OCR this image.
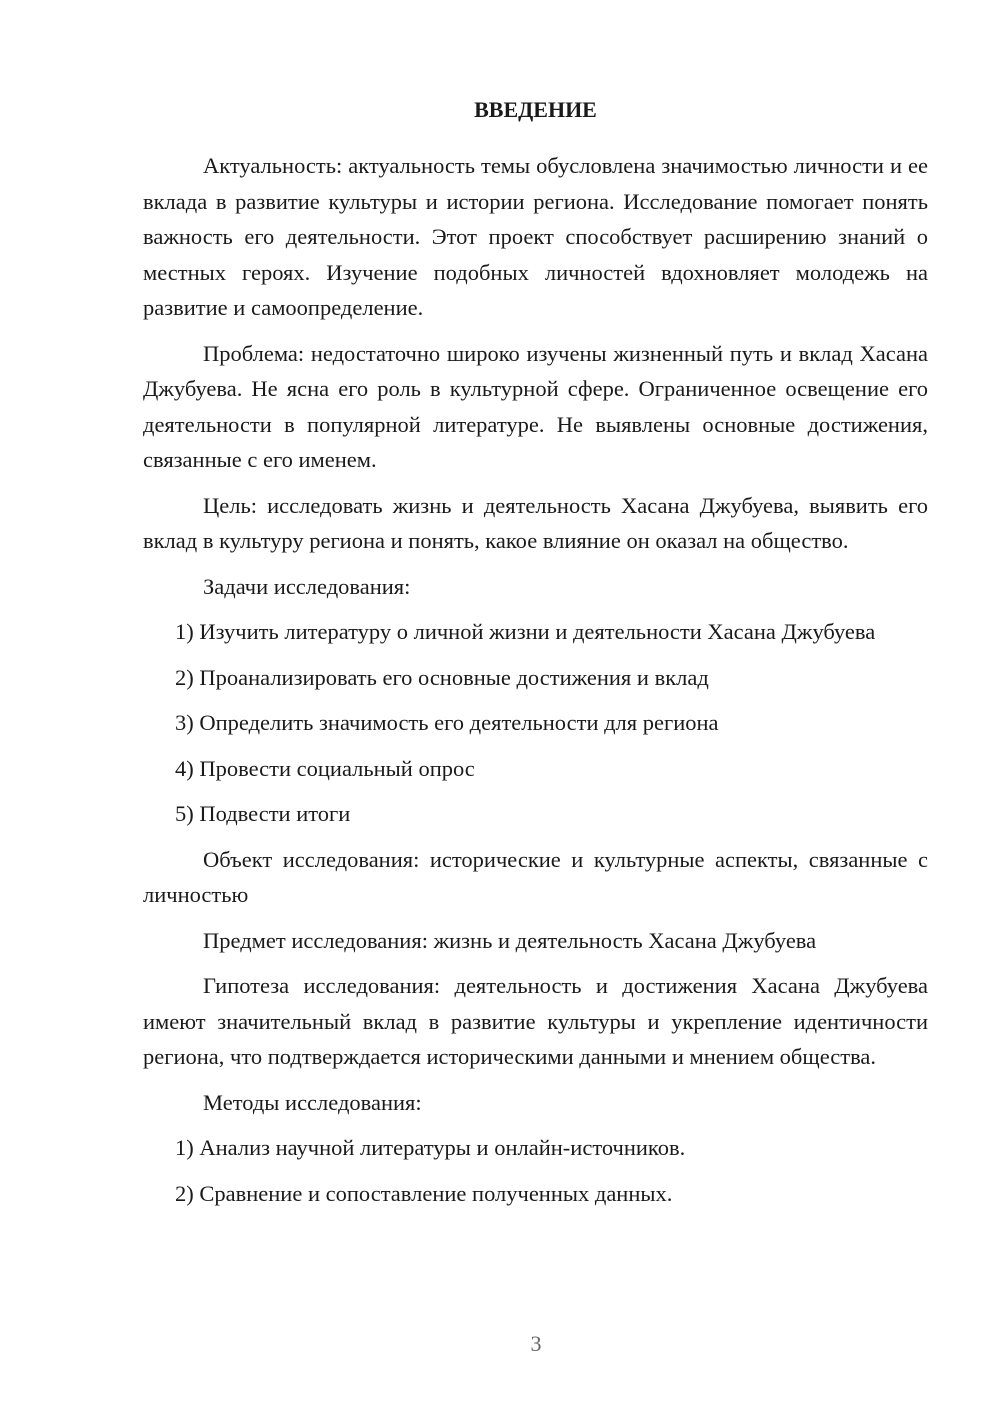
ВВЕДЕНИЕ

Актуальность: актуальность темы обусловлена значимостью личности и ее вклада в развитие культуры и истории региона. Исследование помогает понять важность его деятельности. Этот проект способствует расширению знаний о местных героях. Изучение подобных личностей вдохновляет молодежь на развитие и самоопределение.

Проблема: недостаточно широко изучены жизненный путь и вклад Хасана Джубуева. Не ясна его роль в культурной сфере. Ограниченное освещение его деятельности в популярной литературе. Не выявлены основные достижения, связанные с его именем.

Цель: исследовать жизнь и деятельность Хасана Джубуева, выявить его вклад в культуру региона и понять, какое влияние он оказал на общество.

Задачи исследования:

1) Изучить литературу о личной жизни и деятельности Хасана Джубуева

2) Проанализировать его основные достижения и вклад

3) Определить значимость его деятельности для региона

4) Провести социальный опрос

5) Подвести итоги

Объект исследования: исторические и культурные аспекты, связанные с личностью

Предмет исследования: жизнь и деятельность Хасана Джубуева

Гипотеза исследования: деятельность и достижения Хасана Джубуева имеют значительный вклад в развитие культуры и укрепление идентичности региона, что подтверждается историческими данными и мнением общества.

Методы исследования:

1) Анализ научной литературы и онлайн-источников.

2) Сравнение и сопоставление полученных данных.

3
